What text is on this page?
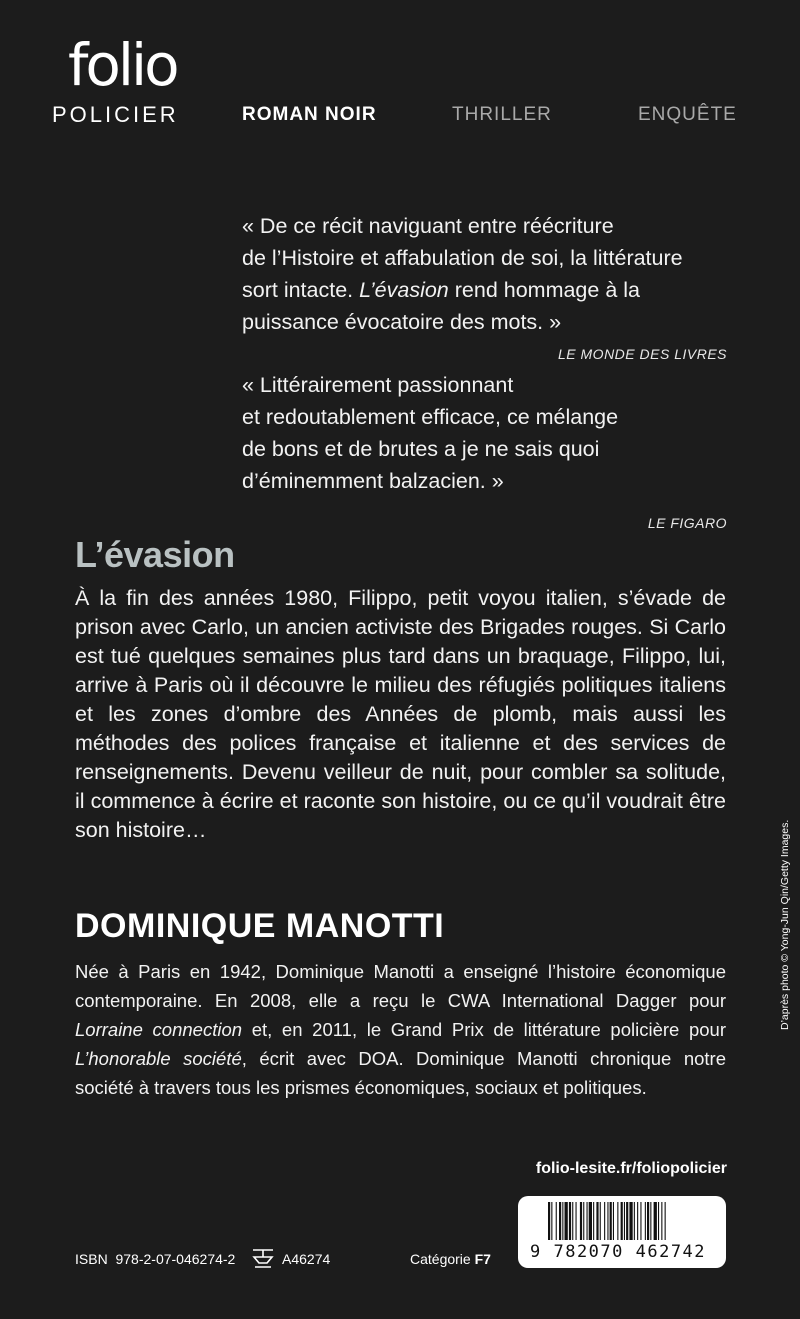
folio
POLICIER	ROMAN NOIR	THRILLER	ENQUÊTE

« De ce récit naviguant entre réécriture

de l’Histoire et affabulation de soi, la littérature

sort intacte. L’évasion rend hommage à la

puissance évocatoire des mots. »

LE MONDE DES LIVRES

« Littérairement passionnant

et redoutablement efficace, ce mélange

de bons et de brutes a je ne sais quoi

d’éminemment balzacien. »

LE FIGARO
L’évasion
À la fin des années 1980, Filippo, petit voyou italien, s’évade de prison avec Carlo, un ancien activiste des Brigades rouges. Si Carlo est tué quelques semaines plus tard dans un braquage, Filippo, lui, arrive à Paris où il découvre le milieu des réfugiés politiques italiens et les zones d’ombre des Années de plomb, mais aussi les méthodes des polices française et italienne et des services de renseignements. Devenu veilleur de nuit, pour combler sa solitude, il commence à écrire et raconte son histoire, ou ce qu’il voudrait être son histoire…
DOMINIQUE MANOTTI
Née à Paris en 1942, Dominique Manotti a enseigné l’histoire économique contemporaine. En 2008, elle a reçu le CWA International Dagger pour Lorraine connection et, en 2011, le Grand Prix de littérature policière pour L’honorable société, écrit avec DOA. Dominique Manotti chronique notre société à travers tous les prismes économiques, sociaux et politiques.
folio-lesite.fr/foliopolicier
ISBN 978-2-07-046274-2	A46274	Catégorie F7 9 782070 462742
D’après photo © Yong-Jun Qin/Getty Images.
